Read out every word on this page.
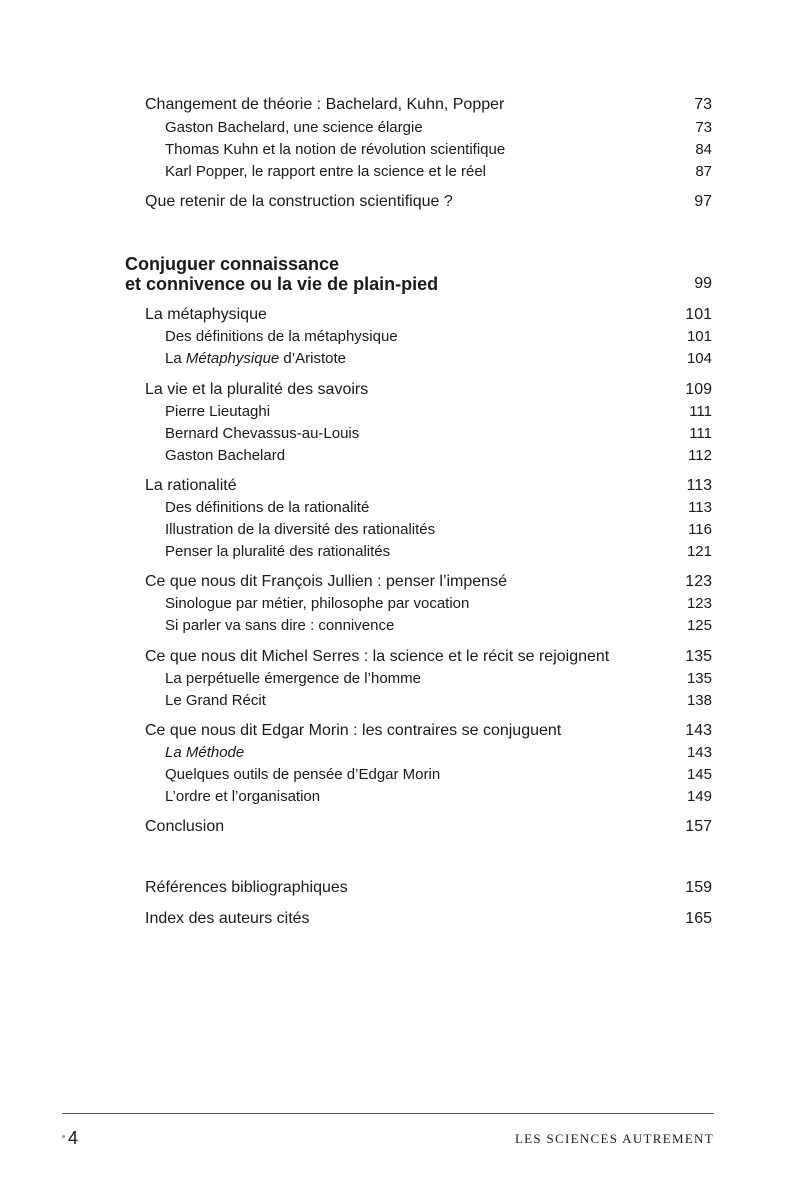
Changement de théorie : Bachelard, Kuhn, Popper	73
Gaston Bachelard, une science élargie	73
Thomas Kuhn et la notion de révolution scientifique	84
Karl Popper, le rapport entre la science et le réel	87
Que retenir de la construction scientifique ?	97
Conjuguer connaissance
et connivence ou la vie de plain-pied	99
La métaphysique	101
Des définitions de la métaphysique	101
La Métaphysique d’Aristote	104
La vie et la pluralité des savoirs	109
Pierre Lieutaghi	111
Bernard Chevassus-au-Louis	111
Gaston Bachelard	112
La rationalité	113
Des définitions de la rationalité	113
Illustration de la diversité des rationalités	116
Penser la pluralité des rationalités	121
Ce que nous dit François Jullien : penser l’impensé	123
Sinologue par métier, philosophe par vocation	123
Si parler va sans dire : connivence	125
Ce que nous dit Michel Serres : la science et le récit se rejoignent	135
La perpétuelle émergence de l’homme	135
Le Grand Récit	138
Ce que nous dit Edgar Morin : les contraires se conjuguent	143
La Méthode	143
Quelques outils de pensée d’Edgar Morin	145
L’ordre et l’organisation	149
Conclusion	157
Références bibliographiques	159
Index des auteurs cités	165
4	LES SCIENCES AUTREMENT
